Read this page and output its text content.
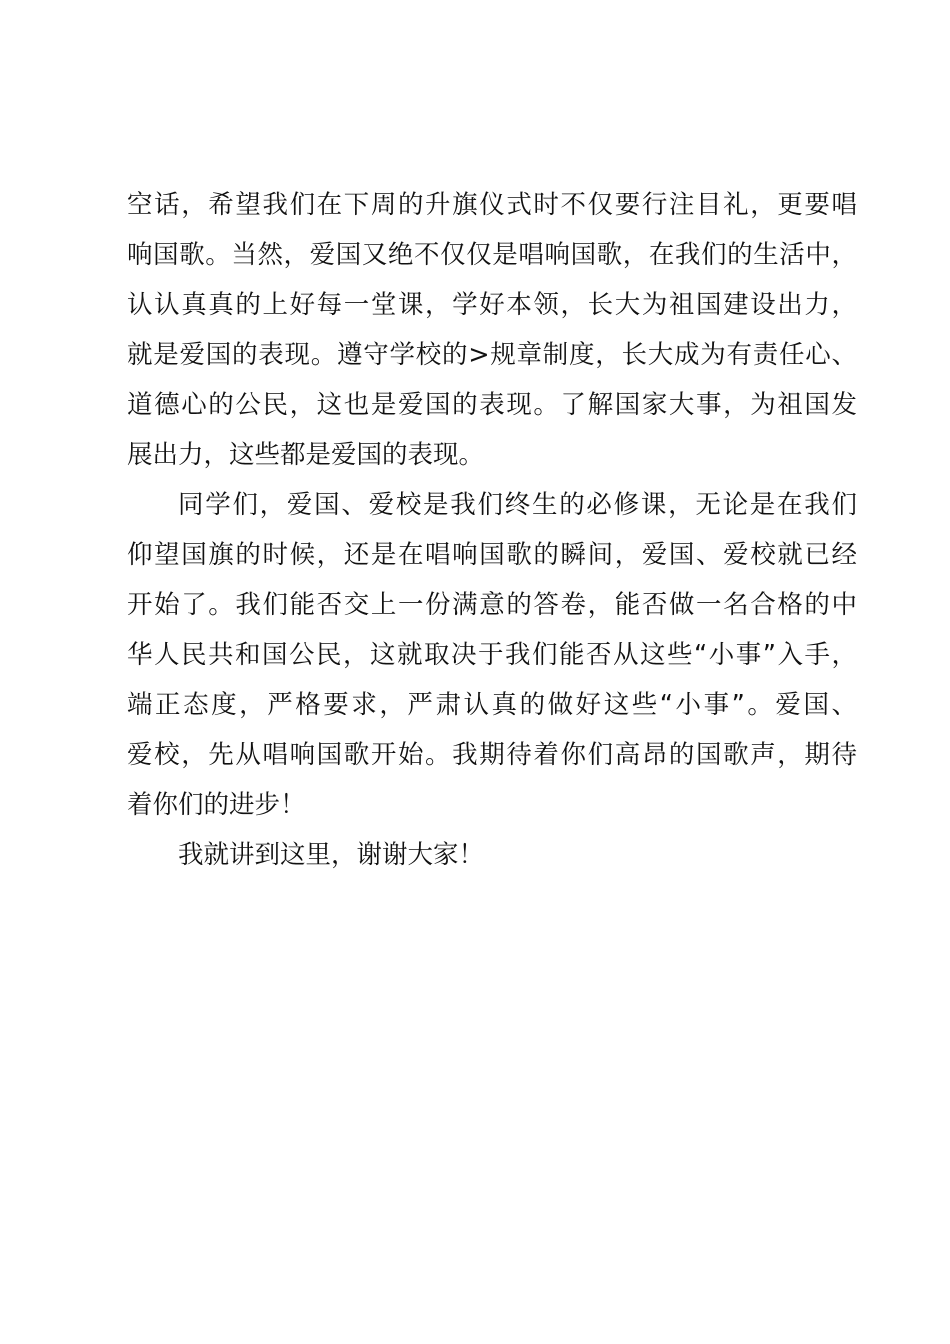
空话，希望我们在下周的升旗仪式时不仅要行注目礼，更要唱
响国歌。当然，爱国又绝不仅仅是唱响国歌，在我们的生活中，
认认真真的上好每一堂课，学好本领，长大为祖国建设出力，
就是爱国的表现。遵守学校的>规章制度，长大成为有责任心、
道德心的公民，这也是爱国的表现。了解国家大事，为祖国发
展出力，这些都是爱国的表现。
同学们，爱国、爱校是我们终生的必修课，无论是在我们
仰望国旗的时候，还是在唱响国歌的瞬间，爱国、爱校就已经
开始了。我们能否交上一份满意的答卷，能否做一名合格的中
华人民共和国公民，这就取决于我们能否从这些“小事”入手，
端正态度，严格要求，严肃认真的做好这些“小事”。爱国、
爱校，先从唱响国歌开始。我期待着你们高昂的国歌声，期待
着你们的进步！
我就讲到这里，谢谢大家！
